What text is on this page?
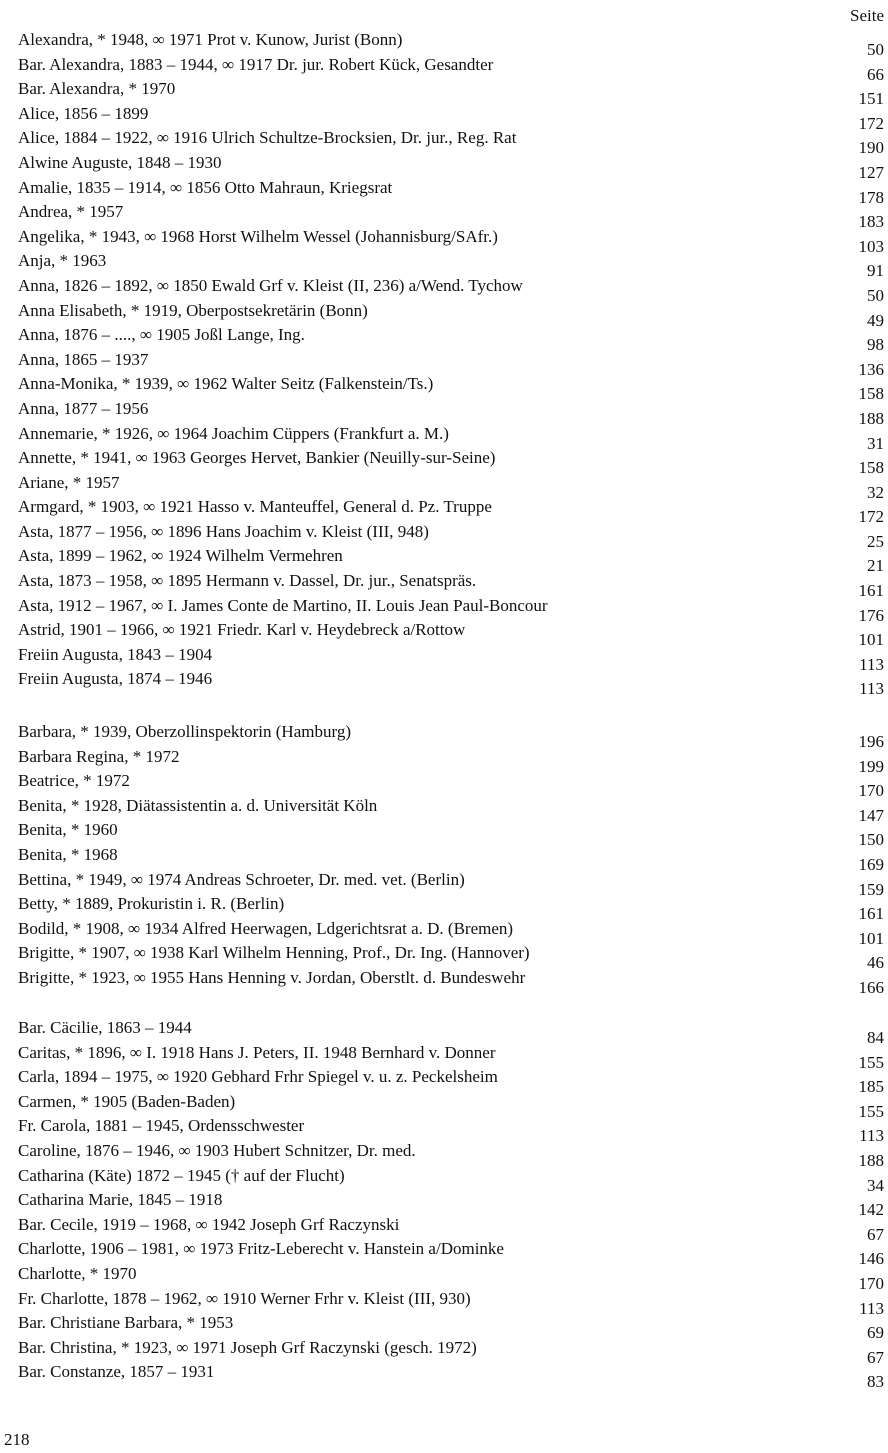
Seite
Alexandra, * 1948, ∞ 1971 Prot v. Kunow, Jurist (Bonn)
50
Bar. Alexandra, 1883 – 1944, ∞ 1917 Dr. jur. Robert Kück, Gesandter
66
Bar. Alexandra, * 1970
151
Alice, 1856 – 1899
172
Alice, 1884 – 1922, ∞ 1916 Ulrich Schultze-Brocksien, Dr. jur., Reg. Rat
190
Alwine Auguste, 1848 – 1930
127
Amalie, 1835 – 1914, ∞ 1856 Otto Mahraun, Kriegsrat
178
Andrea, * 1957
183
Angelika, * 1943, ∞ 1968 Horst Wilhelm Wessel (Johannisburg/SAfr.)
103
Anja, * 1963
91
Anna, 1826 – 1892, ∞ 1850 Ewald Grf v. Kleist (II, 236) a/Wend. Tychow
50
Anna Elisabeth, * 1919, Oberpostsekretärin (Bonn)
49
Anna, 1876 – ...., ∞ 1905 Joßl Lange, Ing.
98
Anna, 1865 – 1937
136
Anna-Monika, * 1939, ∞ 1962 Walter Seitz (Falkenstein/Ts.)
158
Anna, 1877 – 1956
188
Annemarie, * 1926, ∞ 1964 Joachim Cüppers (Frankfurt a. M.)
31
Annette, * 1941, ∞ 1963 Georges Hervet, Bankier (Neuilly-sur-Seine)
158
Ariane, * 1957
32
Armgard, * 1903, ∞ 1921 Hasso v. Manteuffel, General d. Pz. Truppe
172
Asta, 1877 – 1956, ∞ 1896 Hans Joachim v. Kleist (III, 948)
25
Asta, 1899 – 1962, ∞ 1924 Wilhelm Vermehren
21
Asta, 1873 – 1958, ∞ 1895 Hermann v. Dassel, Dr. jur., Senatspräs.
161
Asta, 1912 – 1967, ∞ I. James Conte de Martino, II. Louis Jean Paul-Boncour
176
Astrid, 1901 – 1966, ∞ 1921 Friedr. Karl v. Heydebreck a/Rottow
101
Freiin Augusta, 1843 – 1904
113
Freiin Augusta, 1874 – 1946
113
Barbara, * 1939, Oberzollinspektorin (Hamburg)
196
Barbara Regina, * 1972
199
Beatrice, * 1972
170
Benita, * 1928, Diätassistentin a. d. Universität Köln
147
Benita, * 1960
150
Benita, * 1968
169
Bettina, * 1949, ∞ 1974 Andreas Schroeter, Dr. med. vet. (Berlin)
159
Betty, * 1889, Prokuristin i. R. (Berlin)
161
Bodild, * 1908, ∞ 1934 Alfred Heerwagen, Ldgerichtsrat a. D. (Bremen)
101
Brigitte, * 1907, ∞ 1938 Karl Wilhelm Henning, Prof., Dr. Ing. (Hannover)
46
Brigitte, * 1923, ∞ 1955 Hans Henning v. Jordan, Oberstlt. d. Bundeswehr
166
Bar. Cäcilie, 1863 – 1944
84
Caritas, * 1896, ∞ I. 1918 Hans J. Peters, II. 1948 Bernhard v. Donner
155
Carla, 1894 – 1975, ∞ 1920 Gebhard Frhr Spiegel v. u. z. Peckelsheim
185
Carmen, * 1905 (Baden-Baden)
155
Fr. Carola, 1881 – 1945, Ordensschwester
113
Caroline, 1876 – 1946, ∞ 1903 Hubert Schnitzer, Dr. med.
188
Catharina (Käte) 1872 – 1945 († auf der Flucht)
34
Catharina Marie, 1845 – 1918
142
Bar. Cecile, 1919 – 1968, ∞ 1942 Joseph Grf Raczynski
67
Charlotte, 1906 – 1981, ∞ 1973 Fritz-Leberecht v. Hanstein a/Dominke
146
Charlotte, * 1970
170
Fr. Charlotte, 1878 – 1962, ∞ 1910 Werner Frhr v. Kleist (III, 930)
113
Bar. Christiane Barbara, * 1953
69
Bar. Christina, * 1923, ∞ 1971 Joseph Grf Raczynski (gesch. 1972)
67
Bar. Constanze, 1857 – 1931
83
218
